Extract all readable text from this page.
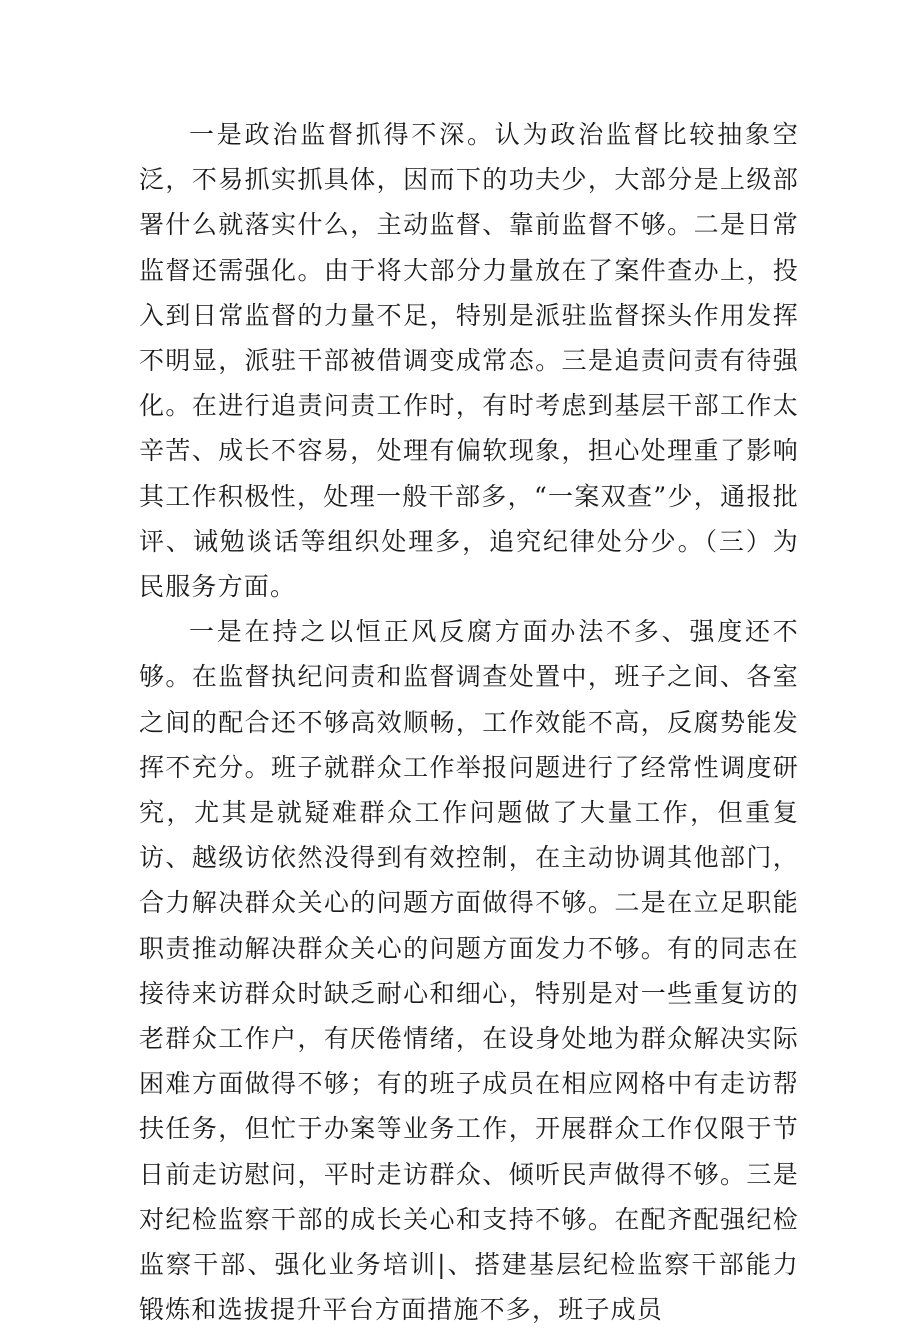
一是政治监督抓得不深。认为政治监督比较抽象空泛，不易抓实抓具体，因而下的功夫少，大部分是上级部署什么就落实什么，主动监督、靠前监督不够。二是日常监督还需强化。由于将大部分力量放在了案件查办上，投入到日常监督的力量不足，特别是派驻监督探头作用发挥不明显，派驻干部被借调变成常态。三是追责问责有待强化。在进行追责问责工作时，有时考虑到基层干部工作太辛苦、成长不容易，处理有偏软现象，担心处理重了影响其工作积极性，处理一般干部多，“一案双查”少，通报批评、诫勉谈话等组织处理多，追究纪律处分少。（三）为民服务方面。

一是在持之以恒正风反腐方面办法不多、强度还不够。在监督执纪问责和监督调查处置中，班子之间、各室之间的配合还不够高效顺畅，工作效能不高，反腐势能发挥不充分。班子就群众工作举报问题进行了经常性调度研究，尤其是就疑难群众工作问题做了大量工作，但重复访、越级访依然没得到有效控制，在主动协调其他部门，合力解决群众关心的问题方面做得不够。二是在立足职能职责推动解决群众关心的问题方面发力不够。有的同志在接待来访群众时缺乏耐心和细心，特别是对一些重复访的老群众工作户，有厌倦情绪，在设身处地为群众解决实际困难方面做得不够；有的班子成员在相应网格中有走访帮扶任务，但忙于办案等业务工作，开展群众工作仅限于节日前走访慰问，平时走访群众、倾听民声做得不够。三是对纪检监察干部的成长关心和支持不够。在配齐配强纪检监察干部、强化业务培训|、搭建基层纪检监察干部能力锻炼和选拔提升平台方面措施不多，班子成员
